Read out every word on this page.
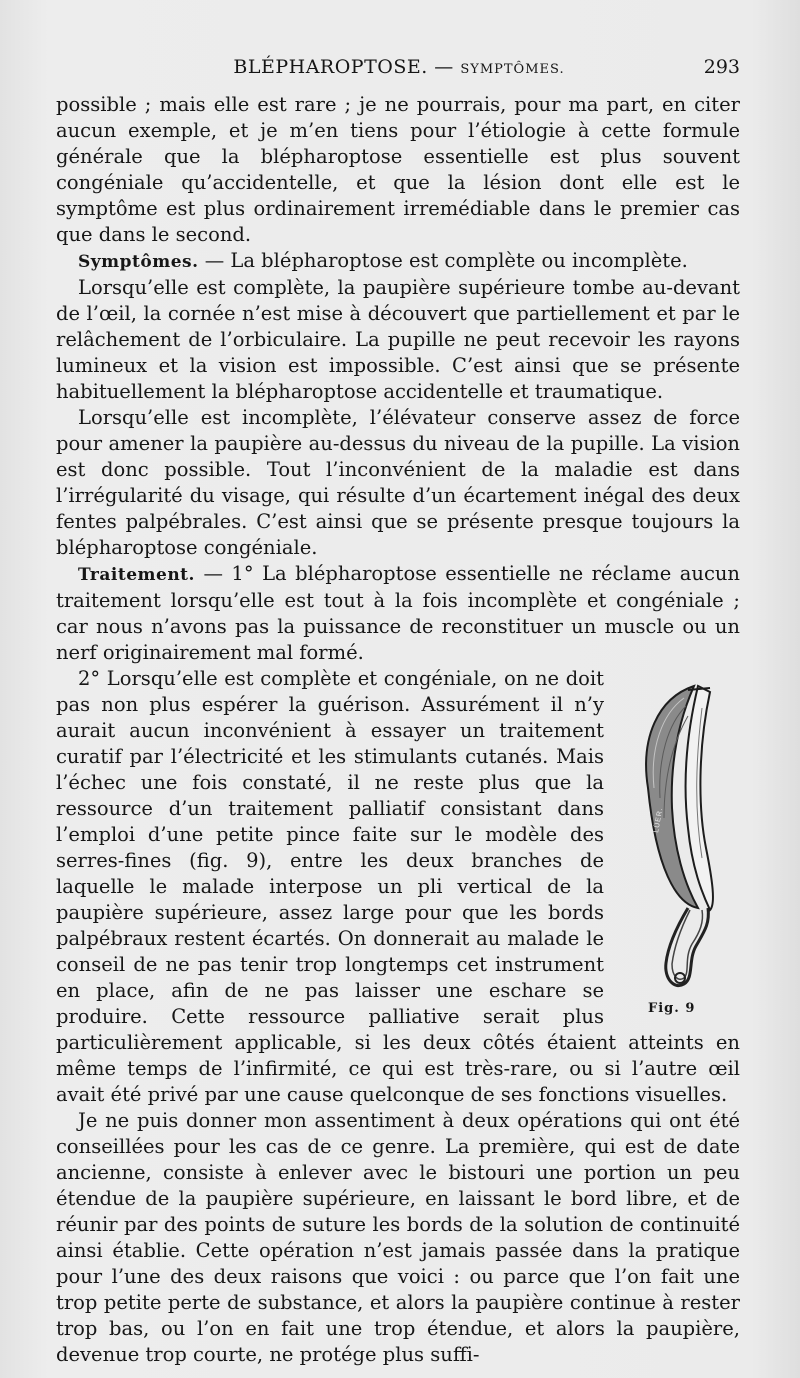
BLÉPHAROPTOSE. — SYMPTÔMES.	293

possible ; mais elle est rare ; je ne pourrais, pour ma part, en citer aucun exemple, et je m’en tiens pour l’étiologie à cette formule générale que la blépharoptose essentielle est plus souvent congéniale qu’accidentelle, et que la lésion dont elle est le symptôme est plus ordinairement irremédiable dans le premier cas que dans le second.

Symptômes. — La blépharoptose est complète ou incomplète.

Lorsqu’elle est complète, la paupière supérieure tombe au-devant de l’œil, la cornée n’est mise à découvert que partiellement et par le relâchement de l’orbiculaire. La pupille ne peut recevoir les rayons lumineux et la vision est impossible. C’est ainsi que se présente habituellement la blépharoptose accidentelle et traumatique.

Lorsqu’elle est incomplète, l’élévateur conserve assez de force pour amener la paupière au-dessus du niveau de la pupille. La vision est donc possible. Tout l’inconvénient de la maladie est dans l’irrégularité du visage, qui résulte d’un écartement inégal des deux fentes palpébrales. C’est ainsi que se présente presque toujours la blépharoptose congéniale.

Traitement. — 1° La blépharoptose essentielle ne réclame aucun traitement lorsqu’elle est tout à la fois incomplète et congéniale ; car nous n’avons pas la puissance de reconstituer un muscle ou un nerf originairement mal formé.

LÜER.
Fig. 9

2° Lorsqu’elle est complète et congéniale, on ne doit pas non plus espérer la guérison. Assurément il n’y aurait aucun inconvénient à essayer un traitement curatif par l’électricité et les stimulants cutanés. Mais l’échec une fois constaté, il ne reste plus que la ressource d’un traitement palliatif consistant dans l’emploi d’une petite pince faite sur le modèle des serres-fines (fig. 9), entre les deux branches de laquelle le malade interpose un pli vertical de la paupière supérieure, assez large pour que les bords palpébraux restent écartés. On donnerait au malade le conseil de ne pas tenir trop longtemps cet instrument en place, afin de ne pas laisser une eschare se produire. Cette ressource palliative serait plus particulièrement applicable, si les deux côtés étaient atteints en même temps de l’infirmité, ce qui est très-rare, ou si l’autre œil avait été privé par une cause quelconque de ses fonctions visuelles.

Je ne puis donner mon assentiment à deux opérations qui ont été conseillées pour les cas de ce genre. La première, qui est de date ancienne, consiste à enlever avec le bistouri une portion un peu étendue de la paupière supérieure, en laissant le bord libre, et de réunir par des points de suture les bords de la solution de continuité ainsi établie. Cette opération n’est jamais passée dans la pratique pour l’une des deux raisons que voici : ou parce que l’on fait une trop petite perte de substance, et alors la paupière continue à rester trop bas, ou l’on en fait une trop étendue, et alors la paupière, devenue trop courte, ne protége plus suffi-
